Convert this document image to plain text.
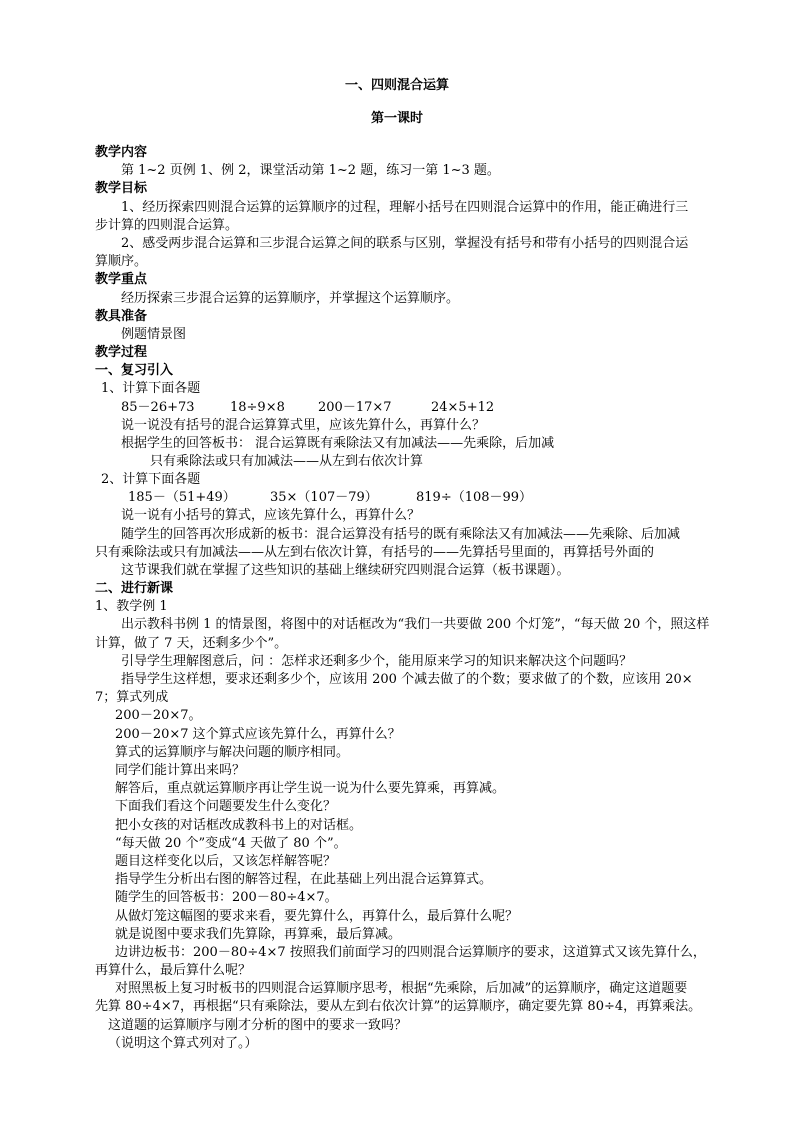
一、四则混合运算
第一课时
教学内容
第 1~2 页例 1、例 2，课堂活动第 1~2 题，练习一第 1~3 题。
教学目标
1、经历探索四则混合运算的运算顺序的过程，理解小括号在四则混合运算中的作用，能正确进行三
步计算的四则混合运算。
2、感受两步混合运算和三步混合运算之间的联系与区别，掌握没有括号和带有小括号的四则混合运
算顺序。
教学重点
经历探索三步混合运算的运算顺序，并掌握这个运算顺序。
教具准备
例题情景图
教学过程
一、复习引入
1、计算下面各题
85－26+73	18÷9×8	200－17×7	24×5+12
说一说没有括号的混合运算算式里，应该先算什么，再算什么？
根据学生的回答板书： 混合运算既有乘除法又有加减法——先乘除，后加减
只有乘除法或只有加减法——从左到右依次计算
2、计算下面各题
185－（51+49）	35×（107－79）	819÷（108－99）
说一说有小括号的算式，应该先算什么，再算什么？
随学生的回答再次形成新的板书：混合运算没有括号的既有乘除法又有加减法——先乘除、后加减
只有乘除法或只有加减法——从左到右依次计算，有括号的——先算括号里面的，再算括号外面的
这节课我们就在掌握了这些知识的基础上继续研究四则混合运算（板书课题）。
二、进行新课
1、教学例 1
出示教科书例 1 的情景图，将图中的对话框改为“我们一共要做 200 个灯笼”，“每天做 20 个，照这样
计算，做了 7 天，还剩多少个”。
引导学生理解图意后，问 ：怎样求还剩多少个，能用原来学习的知识来解决这个问题吗？
指导学生这样想，要求还剩多少个，应该用 200 个减去做了的个数；要求做了的个数，应该用 20×
7；算式列成
200－20×7。
200－20×7 这个算式应该先算什么，再算什么？
算式的运算顺序与解决问题的顺序相同。
同学们能计算出来吗？
解答后，重点就运算顺序再让学生说一说为什么要先算乘，再算减。
下面我们看这个问题要发生什么变化？
把小女孩的对话框改成教科书上的对话框。
“每天做 20 个”变成“4 天做了 80 个”。
题目这样变化以后，又该怎样解答呢？
指导学生分析出右图的解答过程，在此基础上列出混合运算算式。
随学生的回答板书：200－80÷4×7。
从做灯笼这幅图的要求来看，要先算什么，再算什么，最后算什么呢？
就是说图中要求我们先算除，再算乘，最后算减。
边讲边板书：200－80÷4×7 按照我们前面学习的四则混合运算顺序的要求，这道算式又该先算什么，
再算什么，最后算什么呢？
对照黑板上复习时板书的四则混合运算顺序思考，根据“先乘除，后加减”的运算顺序，确定这道题要
先算 80÷4×7，再根据“只有乘除法，要从左到右依次计算”的运算顺序，确定要先算 80÷4，再算乘法。
这道题的运算顺序与刚才分析的图中的要求一致吗？
（说明这个算式列对了。）
